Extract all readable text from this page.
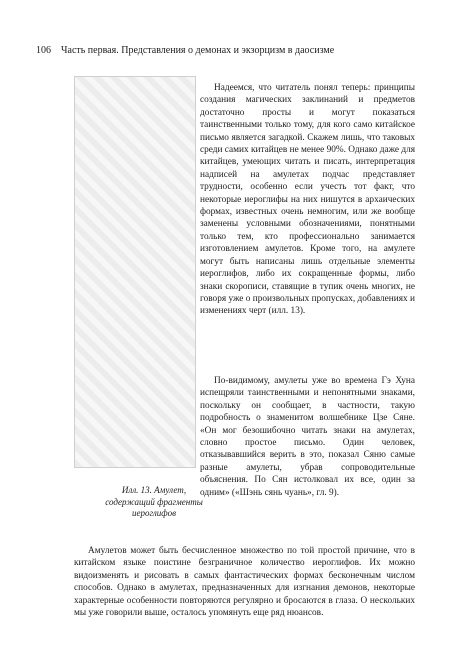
106 Часть первая. Представления о демонах и экзорцизм в даосизме
Илл. 13. Амулет,
содержащий фрагменты
иероглифов

Надеемся, что читатель понял теперь: принципы создания магических заклинаний и предметов достаточно просты и могут показаться таинственными только тому, для кого само китайское письмо является загадкой. Скажем лишь, что таковых среди самих китайцев не менее 90%. Однако даже для китайцев, умеющих читать и писать, интерпретация надписей на амулетах подчас представляет трудности, особенно если учесть тот факт, что некоторые иероглифы на них нишутся в архаических формах, известных очень немногим, или же вообще заменены условными обозначениями, понятными только тем, кто профессионально занимается изготовлением амулетов. Кроме того, на амулете могут быть написаны лишь отдельные элементы иероглифов, либо их сокращенные формы, либо знаки скорописи, ставящие в тупик очень многих, не говоря уже о произвольных пропусках, добавлениях и изменениях черт (илл. 13).

По-видимому, амулеты уже во времена Гэ Хуна испещряли таинственными и непонятными знаками, поскольку он сообщает, в частности, такую подробность о знаменитом волшебнике Цзе Сяне. «Он мог безошибочно читать знаки на амулетах, словно простое письмо. Один человек, отказывавшийся верить в это, показал Сяню самые разные амулеты, убрав сопроводительные объяснения. По Сян истолковал их все, один за одним» («Шэнь сянь чуань», гл. 9).

Амулетов может быть бесчисленное множество по той простой причине, что в китайском языке поистине безграничное количество иероглифов. Их можно видоизменять и рисовать в самых фантастических формах бесконечным числом способов. Однако в амулетах, предназначенных для изгнания демонов, некоторые характерные особенности повторяются регулярно и бросаются в глаза. О нескольких мы уже говорили выше, осталось упомянуть еще ряд нюансов.
